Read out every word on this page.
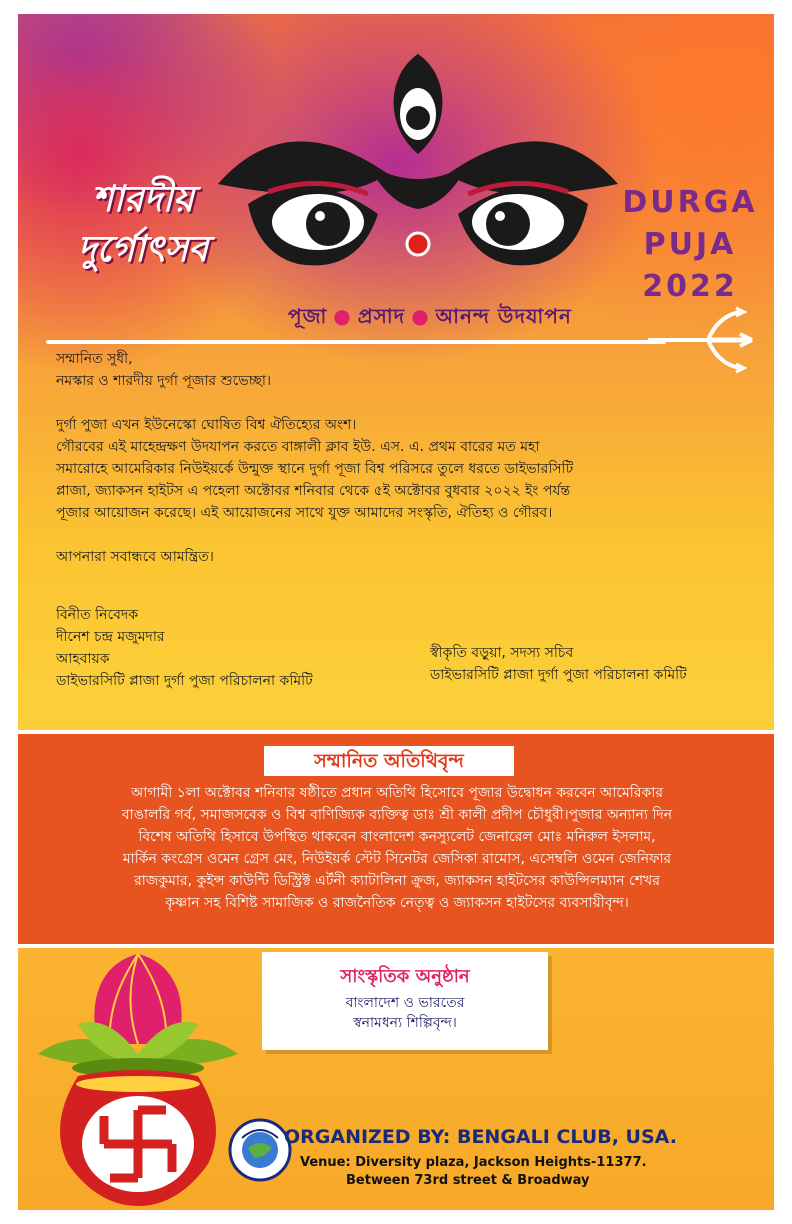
শারদীয়
দুর্গোৎসব
DURGA
PUJA
2022
পূজা ● প্রসাদ ● আনন্দ উদযাপন

সম্মানিত সুধী,

নমস্কার ও শারদীয় দুর্গা পূজার শুভেচ্ছা।

দুর্গা পুজা এখন ইউনেস্কো ঘোষিত বিশ্ব ঐতিহ্যের অংশ।

গৌরবের এই মাহেন্দ্রক্ষণ উদযাপন করতে বাঙ্গালী ক্লাব ইউ. এস. এ. প্রথম বারের মত মহা

সমারোহে আমেরিকার নিউইয়র্কে উন্মুক্ত স্থানে দুর্গা পূজা বিশ্ব পরিসরে তুলে ধরতে ডাইভারসিটি

প্লাজা, জ্যাকসন হাইটস এ পহেলা অক্টোবর শনিবার থেকে ৫ই অক্টোবর বুধবার ২০২২ ইং পর্যন্ত

পূজার আয়োজন করেছে। এই আয়োজনের সাথে যুক্ত আমাদের সংস্কৃতি, ঐতিহ্য ও গৌরব।

আপনারা সবান্ধবে আমন্ত্রিত।

বিনীত নিবেদক
দীনেশ চন্দ্র মজুমদার
আহবায়ক
ডাইভারসিটি প্লাজা দুর্গা পুজা পরিচালনা কমিটি
স্বীকৃতি বড়ুয়া, সদস্য সচিব
ডাইভারসিটি প্লাজা দুর্গা পুজা পরিচালনা কমিটি
সম্মানিত অতিথিবৃন্দ
আগামী ১লা অক্টোবর শনিবার ষষ্ঠীতে প্রধান অতিথি হিসোবে পূজার উদ্বোধন করবেন আমেরিকার
বাঙালরি গর্ব, সমাজসবেক ও বিশ্ব বাণিজ্যিক ব্যক্তিত্ব ডাঃ শ্রী কালী প্রদীপ চৌধুরী।পুজার অন্যান্য দিন
বিশেষ অতিথি হিসাবে উপস্থিত থাকবেন বাংলাদেশ কনস্যুলেট জেনারেল মোঃ মনিরুল ইসলাম,
মার্কিন কংগ্রেস ওমেন গ্রেস মেং, নিউইয়র্ক স্টেট সিনেটর জেসিকা রামোস, এসেম্বলি ওমেন জেনিফার
রাজকুমার, কুইন্স কাউন্টি ডিস্ট্রিক্ট এর্টনী ক্যাটালিনা ক্রুজ, জ্যাকসন হাইটসের কাউন্সিলম্যান শেখর
কৃষ্ণান সহ বিশিষ্ট সামাজিক ও রাজনৈতিক নেতৃত্ব ও জ্যাকসন হাইটসের ব্যবসায়ীবৃন্দ।
সাংস্কৃতিক অনুষ্ঠান
বাংলাদেশ ও ভারতের
স্বনামধন্য শিল্পিবৃন্দ।
ORGANIZED BY: BENGALI CLUB, USA.
Venue: Diversity plaza, Jackson Heights-11377.
Between 73rd street & Broadway
